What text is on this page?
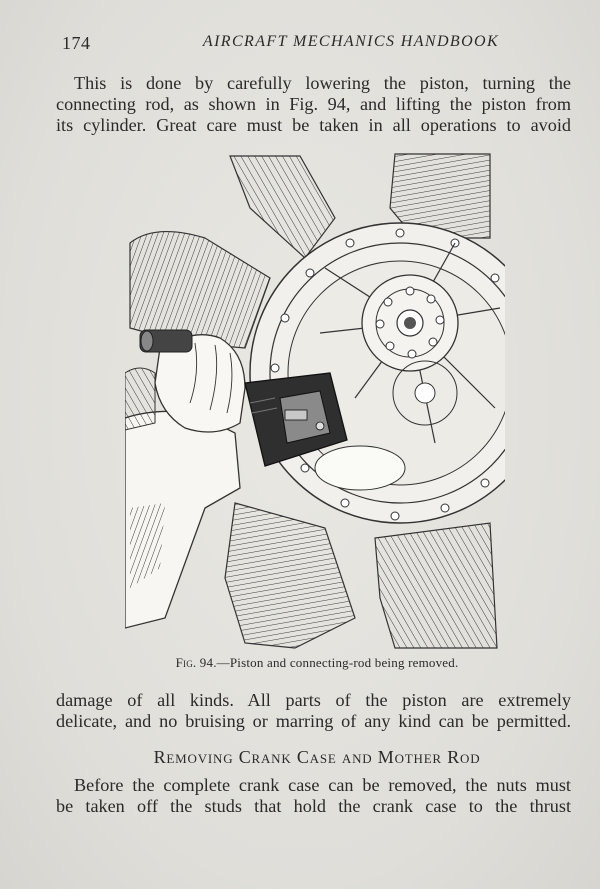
174	AIRCRAFT MECHANICS HANDBOOK
This is done by carefully lowering the piston, turning the
connecting rod, as shown in Fig. 94, and lifting the piston from
its cylinder. Great care must be taken in all operations to avoid
Fig. 94.—Piston and connecting-rod being removed.
damage of all kinds. All parts of the piston are extremely
delicate, and no bruising or marring of any kind can be permitted.
Removing Crank Case and Mother Rod
Before the complete crank case can be removed, the nuts must
be taken off the studs that hold the crank case to the thrust
